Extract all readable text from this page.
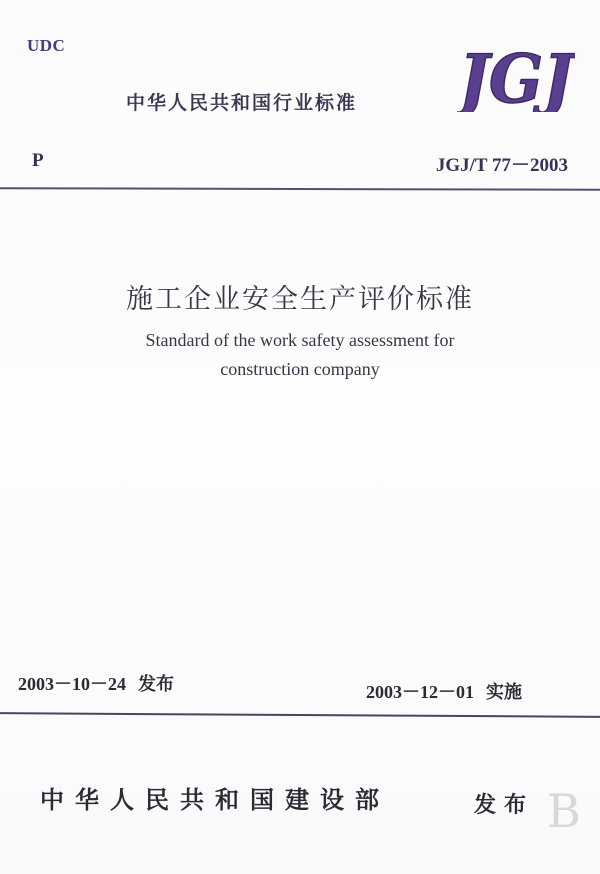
UDC
中华人民共和国行业标准 JGJ
P	JGJ/T 77－2003
施工企业安全生产评价标准
Standard of the work safety assessment for
construction company
2003－10－24 发布	2003－12－01 实施
中华人民共和国建设部	发布 B
